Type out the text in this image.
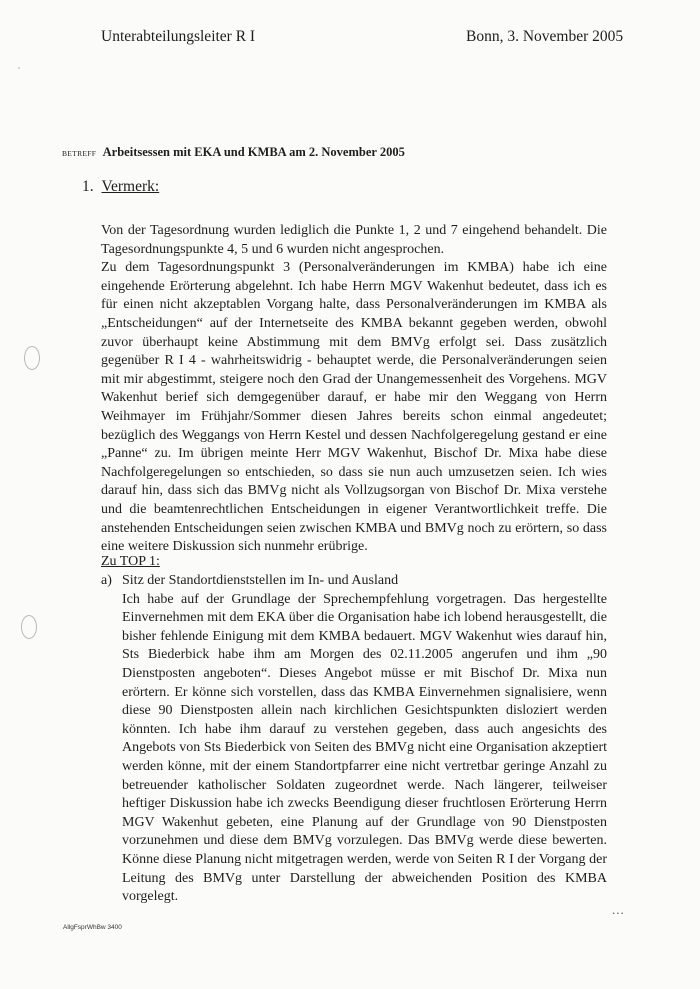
Unterabteilungsleiter R I	Bonn, 3. November 2005
BETREFF Arbeitsessen mit EKA und KMBA am 2. November 2005
1. Vermerk:

Von der Tagesordnung wurden lediglich die Punkte 1, 2 und 7 eingehend behandelt. Die Tagesordnungspunkte 4, 5 und 6 wurden nicht angesprochen.

Zu dem Tagesordnungspunkt 3 (Personalveränderungen im KMBA) habe ich eine eingehende Erörterung abgelehnt. Ich habe Herrn MGV Wakenhut bedeutet, dass ich es für einen nicht akzeptablen Vorgang halte, dass Personalveränderungen im KMBA als „Entscheidungen“ auf der Internetseite des KMBA bekannt gegeben werden, obwohl zuvor überhaupt keine Abstimmung mit dem BMVg erfolgt sei. Dass zusätzlich gegenüber R I 4 - wahrheitswidrig - behauptet werde, die Personalveränderungen seien mit mir abgestimmt, steigere noch den Grad der Unangemessenheit des Vorgehens. MGV Wakenhut berief sich demgegenüber darauf, er habe mir den Weggang von Herrn Weihmayer im Frühjahr/Sommer diesen Jahres bereits schon einmal angedeutet; bezüglich des Weggangs von Herrn Kestel und dessen Nachfolgeregelung gestand er eine „Panne“ zu. Im übrigen meinte Herr MGV Wakenhut, Bischof Dr. Mixa habe diese Nachfolgeregelungen so entschieden, so dass sie nun auch umzusetzen seien. Ich wies darauf hin, dass sich das BMVg nicht als Vollzugsorgan von Bischof Dr. Mixa verstehe und die beamtenrechtlichen Entscheidungen in eigener Verantwortlichkeit treffe. Die anstehenden Entscheidungen seien zwischen KMBA und BMVg noch zu erörtern, so dass eine weitere Diskussion sich nunmehr erübrige.

Zu TOP 1:
a) Sitz der Standortdienststellen im In- und Ausland
Ich habe auf der Grundlage der Sprechempfehlung vorgetragen. Das hergestellte Einvernehmen mit dem EKA über die Organisation habe ich lobend herausgestellt, die bisher fehlende Einigung mit dem KMBA bedauert. MGV Wakenhut wies darauf hin, Sts Biederbick habe ihm am Morgen des 02.11.2005 angerufen und ihm „90 Dienstposten angeboten“. Dieses Angebot müsse er mit Bischof Dr. Mixa nun erörtern. Er könne sich vorstellen, dass das KMBA Einvernehmen signalisiere, wenn diese 90 Dienstposten allein nach kirchlichen Gesichtspunkten disloziert werden könnten. Ich habe ihm darauf zu verstehen gegeben, dass auch angesichts des Angebots von Sts Biederbick von Seiten des BMVg nicht eine Organisation akzeptiert werden könne, mit der einem Standortpfarrer eine nicht vertretbar geringe Anzahl zu betreuender katholischer Soldaten zugeordnet werde. Nach längerer, teilweiser heftiger Diskussion habe ich zwecks Beendigung dieser fruchtlosen Erörterung Herrn MGV Wakenhut gebeten, eine Planung auf der Grundlage von 90 Dienstposten vorzunehmen und diese dem BMVg vorzulegen. Das BMVg werde diese bewerten. Könne diese Planung nicht mitgetragen werden, werde von Seiten R I der Vorgang der Leitung des BMVg unter Darstellung der abweichenden Position des KMBA vorgelegt.
...
AllgFsprWhBw 3400
